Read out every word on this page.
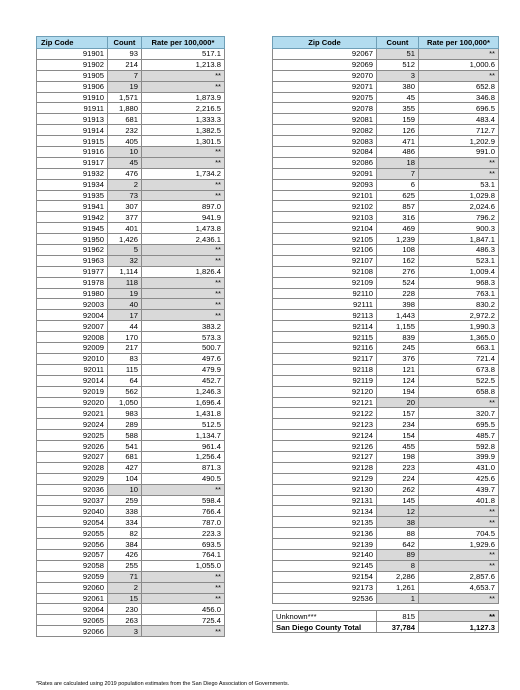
Zip Code	Count	Rate per 100,000*
91901	93	517.1
91902	214	1,213.8
91905	7	**
91906	19	**
91910	1,571	1,873.9
91911	1,880	2,216.5
91913	681	1,333.3
91914	232	1,382.5
91915	405	1,301.5
91916	10	**
91917	45	**
91932	476	1,734.2
91934	2	**
91935	73	**
91941	307	897.0
91942	377	941.9
91945	401	1,473.8
91950	1,426	2,436.1
91962	5	**
91963	32	**
91977	1,114	1,826.4
91978	118	**
91980	19	**
92003	40	**
92004	17	**
92007	44	383.2
92008	170	573.3
92009	217	500.7
92010	83	497.6
92011	115	479.9
92014	64	452.7
92019	562	1,246.3
92020	1,050	1,696.4
92021	983	1,431.8
92024	289	512.5
92025	588	1,134.7
92026	541	961.4
92027	681	1,256.4
92028	427	871.3
92029	104	490.5
92036	10	**
92037	259	598.4
92040	338	766.4
92054	334	787.0
92055	82	223.3
92056	384	693.5
92057	426	764.1
92058	255	1,055.0
92059	71	**
92060	2	**
92061	15	**
92064	230	456.0
92065	263	725.4
92066	3	**
Zip Code	Count	Rate per 100,000*
92067	51	**
92069	512	1,000.6
92070	3	**
92071	380	652.8
92075	45	346.8
92078	355	696.5
92081	159	483.4
92082	126	712.7
92083	471	1,202.9
92084	486	991.0
92086	18	**
92091	7	**
92093	6	53.1
92101	625	1,029.8
92102	857	2,024.6
92103	316	796.2
92104	469	900.3
92105	1,239	1,847.1
92106	108	486.3
92107	162	523.1
92108	276	1,009.4
92109	524	968.3
92110	228	763.1
92111	398	830.2
92113	1,443	2,972.2
92114	1,155	1,990.3
92115	839	1,365.0
92116	245	663.1
92117	376	721.4
92118	121	673.8
92119	124	522.5
92120	194	658.8
92121	20	**
92122	157	320.7
92123	234	695.5
92124	154	485.7
92126	455	592.8
92127	198	399.9
92128	223	431.0
92129	224	425.6
92130	262	439.7
92131	145	401.8
92134	12	**
92135	38	**
92136	88	704.5
92139	642	1,929.6
92140	89	**
92145	8	**
92154	2,286	2,857.6
92173	1,261	4,653.7
92536	1	**

Unknown***	815	**
San Diego County Total	37,784	1,127.3
*Rates are calculated using 2019 population estimates from the San Diego Association of Governments.
